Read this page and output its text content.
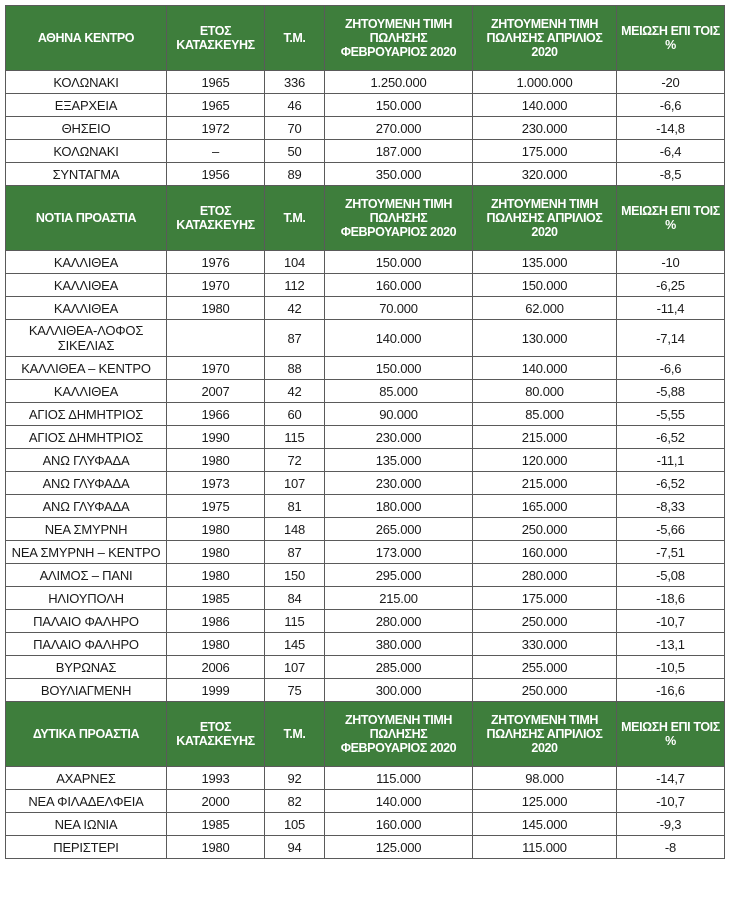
ΑΘΗΝΑ ΚΕΝΤΡΟ	ΕΤΟΣ ΚΑΤΑΣΚΕΥΗΣ	Τ.Μ.	ΖΗΤΟΥΜΕΝΗ ΤΙΜΗ ΠΩΛΗΣΗΣ ΦΕΒΡΟΥΑΡΙΟΣ 2020	ΖΗΤΟΥΜΕΝΗ ΤΙΜΗ ΠΩΛΗΣΗΣ ΑΠΡΙΛΙΟΣ 2020	ΜΕΙΩΣΗ ΕΠΙ ΤΟΙΣ %
ΚΟΛΩΝΑΚΙ	1965	336	1.250.000	1.000.000	-20
ΕΞΑΡΧΕΙΑ	1965	46	150.000	140.000	-6,6
ΘΗΣΕΙΟ	1972	70	270.000	230.000	-14,8
ΚΟΛΩΝΑΚΙ	–	50	187.000	175.000	-6,4
ΣΥΝΤΑΓΜΑ	1956	89	350.000	320.000	-8,5
ΝΟΤΙΑ ΠΡΟΑΣΤΙΑ	ΕΤΟΣ ΚΑΤΑΣΚΕΥΗΣ	Τ.Μ.	ΖΗΤΟΥΜΕΝΗ ΤΙΜΗ ΠΩΛΗΣΗΣ ΦΕΒΡΟΥΑΡΙΟΣ 2020	ΖΗΤΟΥΜΕΝΗ ΤΙΜΗ ΠΩΛΗΣΗΣ ΑΠΡΙΛΙΟΣ 2020	ΜΕΙΩΣΗ ΕΠΙ ΤΟΙΣ %
ΚΑΛΛΙΘΕΑ	1976	104	150.000	135.000	-10
ΚΑΛΛΙΘΕΑ	1970	112	160.000	150.000	-6,25
ΚΑΛΛΙΘΕΑ	1980	42	70.000	62.000	-11,4
ΚΑΛΛΙΘΕΑ-ΛΟΦΟΣ ΣΙΚΕΛΙΑΣ		87	140.000	130.000	-7,14
ΚΑΛΛΙΘΕΑ – ΚΕΝΤΡΟ	1970	88	150.000	140.000	-6,6
ΚΑΛΛΙΘΕΑ	2007	42	85.000	80.000	-5,88
ΑΓΙΟΣ ΔΗΜΗΤΡΙΟΣ	1966	60	90.000	85.000	-5,55
ΑΓΙΟΣ ΔΗΜΗΤΡΙΟΣ	1990	115	230.000	215.000	-6,52
ΑΝΩ ΓΛΥΦΑΔΑ	1980	72	135.000	120.000	-11,1
ΑΝΩ ΓΛΥΦΑΔΑ	1973	107	230.000	215.000	-6,52
ΑΝΩ ΓΛΥΦΑΔΑ	1975	81	180.000	165.000	-8,33
ΝΕΑ ΣΜΥΡΝΗ	1980	148	265.000	250.000	-5,66
ΝΕΑ ΣΜΥΡΝΗ – ΚΕΝΤΡΟ	1980	87	173.000	160.000	-7,51
ΑΛΙΜΟΣ – ΠΑΝΙ	1980	150	295.000	280.000	-5,08
ΗΛΙΟΥΠΟΛΗ	1985	84	215.00	175.000	-18,6
ΠΑΛΑΙΟ ΦΑΛΗΡΟ	1986	115	280.000	250.000	-10,7
ΠΑΛΑΙΟ ΦΑΛΗΡΟ	1980	145	380.000	330.000	-13,1
ΒΥΡΩΝΑΣ	2006	107	285.000	255.000	-10,5
ΒΟΥΛΙΑΓΜΕΝΗ	1999	75	300.000	250.000	-16,6
ΔΥΤΙΚΑ ΠΡΟΑΣΤΙΑ	ΕΤΟΣ ΚΑΤΑΣΚΕΥΗΣ	Τ.Μ.	ΖΗΤΟΥΜΕΝΗ ΤΙΜΗ ΠΩΛΗΣΗΣ ΦΕΒΡΟΥΑΡΙΟΣ 2020	ΖΗΤΟΥΜΕΝΗ ΤΙΜΗ ΠΩΛΗΣΗΣ ΑΠΡΙΛΙΟΣ 2020	ΜΕΙΩΣΗ ΕΠΙ ΤΟΙΣ %
ΑΧΑΡΝΕΣ	1993	92	115.000	98.000	-14,7
ΝΕΑ ΦΙΛΑΔΕΛΦΕΙΑ	2000	82	140.000	125.000	-10,7
ΝΕΑ ΙΩΝΙΑ	1985	105	160.000	145.000	-9,3
ΠΕΡΙΣΤΕΡΙ	1980	94	125.000	115.000	-8
